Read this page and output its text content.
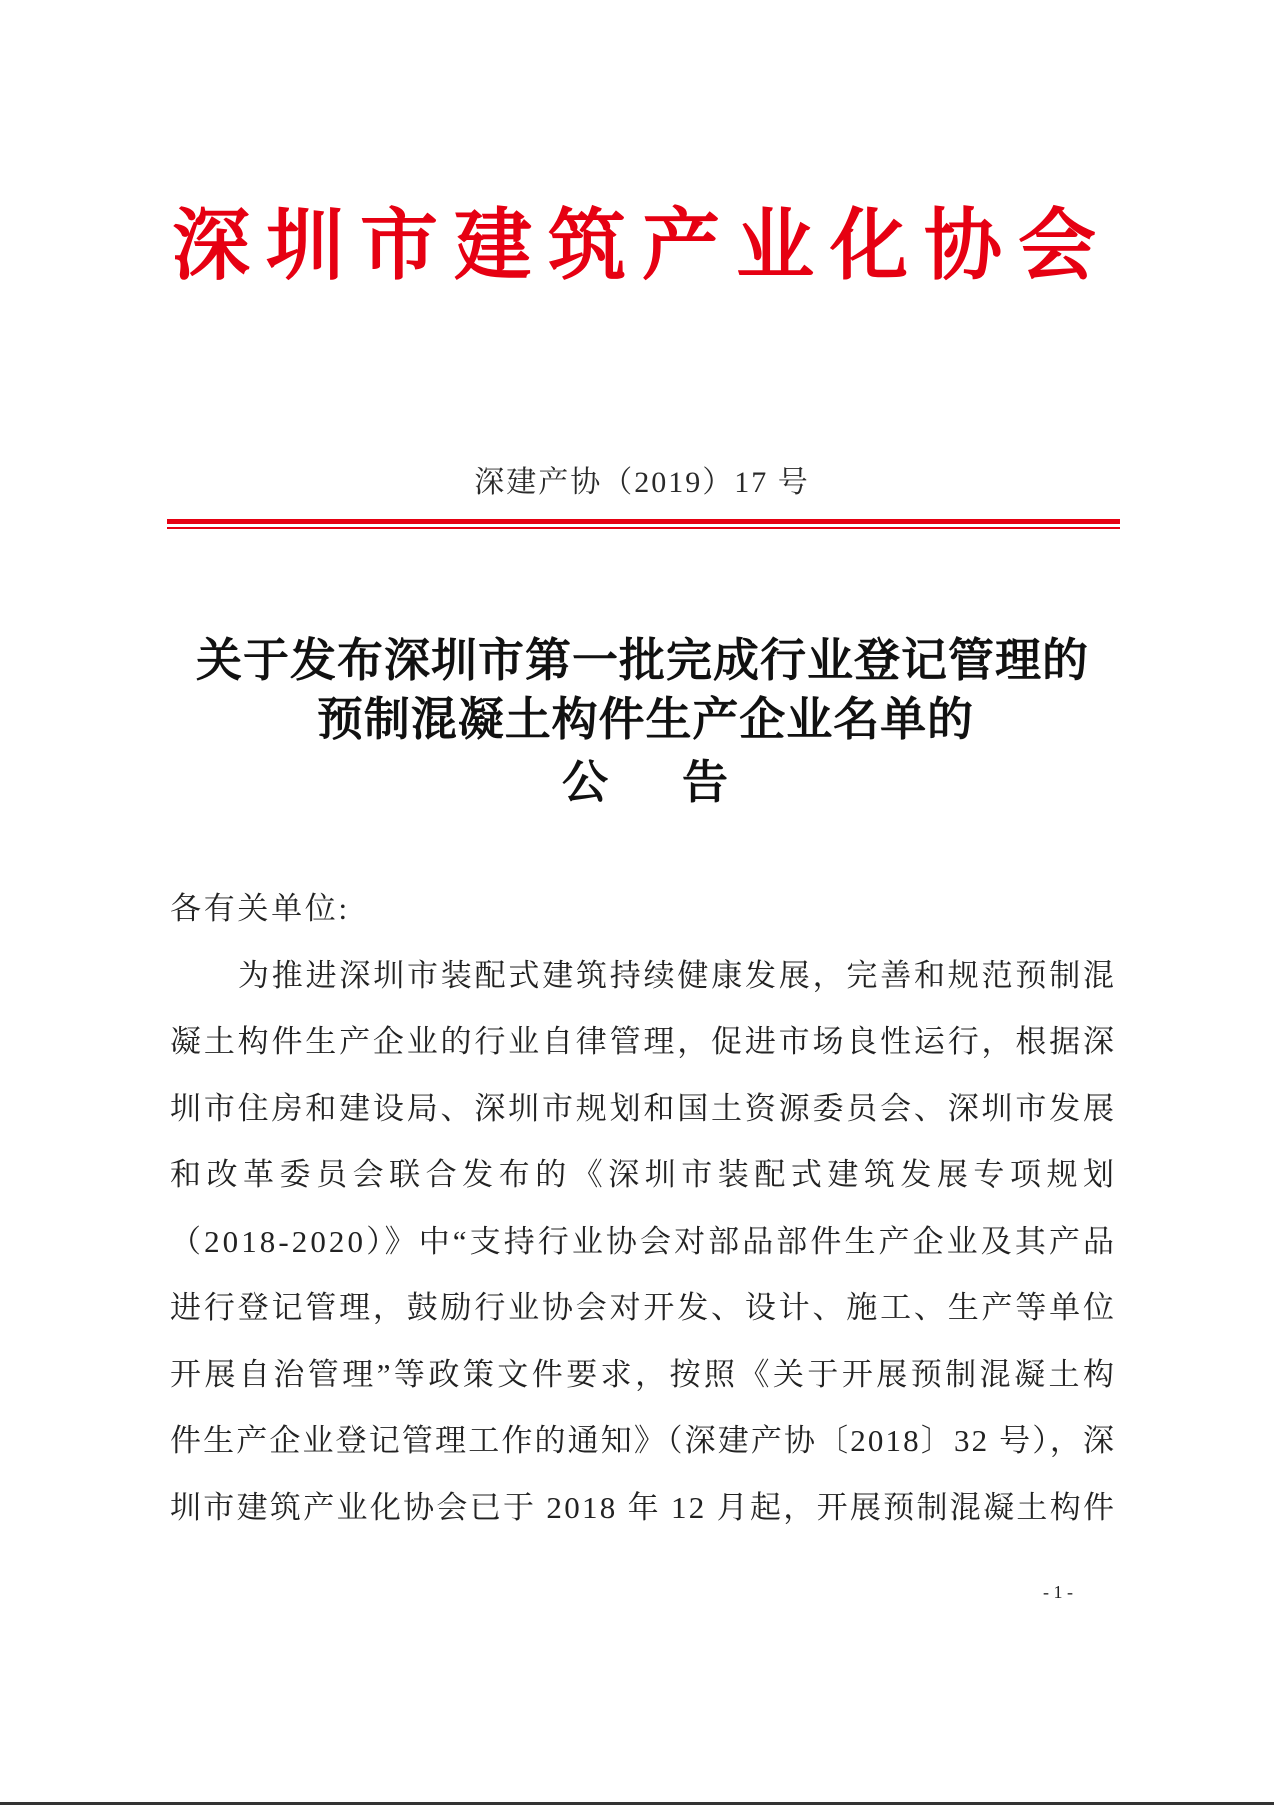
深圳市建筑产业化协会
深建产协（2019）17 号
关于发布深圳市第一批完成行业登记管理的
预制混凝土构件生产企业名单的
公　　告
各有关单位:
为推进深圳市装配式建筑持续健康发展，完善和规范预制混
凝土构件生产企业的行业自律管理，促进市场良性运行，根据深
圳市住房和建设局、深圳市规划和国土资源委员会、深圳市发展
和改革委员会联合发布的《深圳市装配式建筑发展专项规划
（2018-2020）》中“支持行业协会对部品部件生产企业及其产品
进行登记管理，鼓励行业协会对开发、设计、施工、生产等单位
开展自治管理”等政策文件要求，按照《关于开展预制混凝土构
件生产企业登记管理工作的通知》（深建产协〔2018〕32 号），深
圳市建筑产业化协会已于 2018 年 12 月起，开展预制混凝土构件
- 1 -
